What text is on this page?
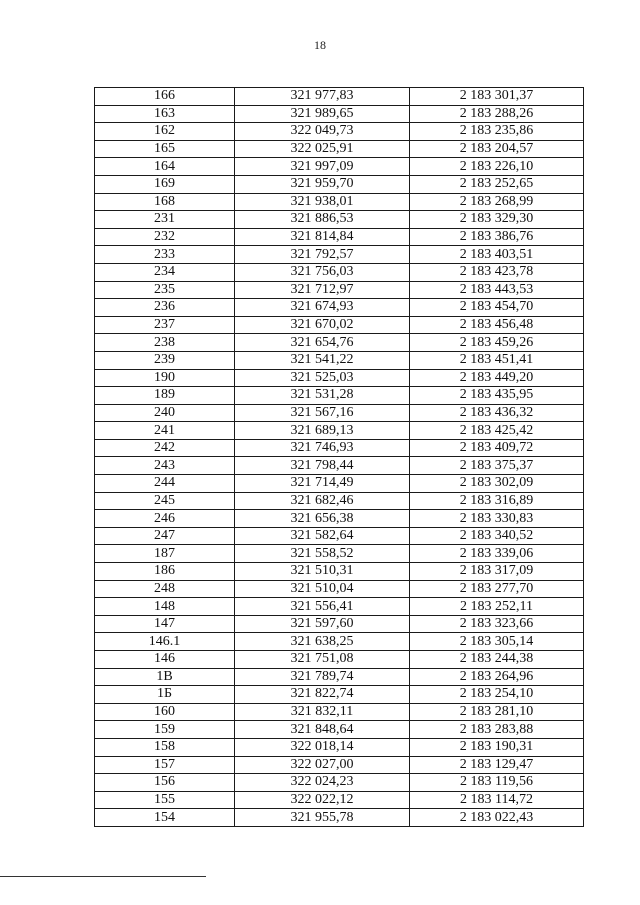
18
166	321 977,83	2 183 301,37
163	321 989,65	2 183 288,26
162	322 049,73	2 183 235,86
165	322 025,91	2 183 204,57
164	321 997,09	2 183 226,10
169	321 959,70	2 183 252,65
168	321 938,01	2 183 268,99
231	321 886,53	2 183 329,30
232	321 814,84	2 183 386,76
233	321 792,57	2 183 403,51
234	321 756,03	2 183 423,78
235	321 712,97	2 183 443,53
236	321 674,93	2 183 454,70
237	321 670,02	2 183 456,48
238	321 654,76	2 183 459,26
239	321 541,22	2 183 451,41
190	321 525,03	2 183 449,20
189	321 531,28	2 183 435,95
240	321 567,16	2 183 436,32
241	321 689,13	2 183 425,42
242	321 746,93	2 183 409,72
243	321 798,44	2 183 375,37
244	321 714,49	2 183 302,09
245	321 682,46	2 183 316,89
246	321 656,38	2 183 330,83
247	321 582,64	2 183 340,52
187	321 558,52	2 183 339,06
186	321 510,31	2 183 317,09
248	321 510,04	2 183 277,70
148	321 556,41	2 183 252,11
147	321 597,60	2 183 323,66
146.1	321 638,25	2 183 305,14
146	321 751,08	2 183 244,38
1В	321 789,74	2 183 264,96
1Б	321 822,74	2 183 254,10
160	321 832,11	2 183 281,10
159	321 848,64	2 183 283,88
158	322 018,14	2 183 190,31
157	322 027,00	2 183 129,47
156	322 024,23	2 183 119,56
155	322 022,12	2 183 114,72
154	321 955,78	2 183 022,43
